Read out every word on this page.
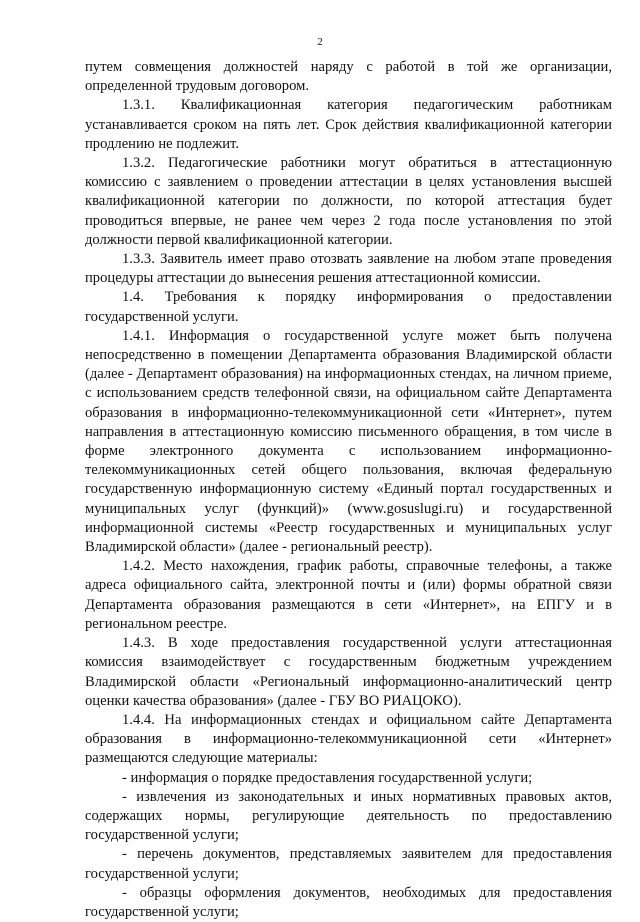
2

путем совмещения должностей наряду с работой в той же организации, определенной трудовым договором.

1.3.1. Квалификационная категория педагогическим работникам устанавливается сроком на пять лет. Срок действия квалификационной категории продлению не подлежит.

1.3.2. Педагогические работники могут обратиться в аттестационную комиссию с заявлением о проведении аттестации в целях установления высшей квалификационной категории по должности, по которой аттестация будет проводиться впервые, не ранее чем через 2 года после установления по этой должности первой квалификационной категории.

1.3.3. Заявитель имеет право отозвать заявление на любом этапе проведения процедуры аттестации до вынесения решения аттестационной комиссии.

1.4. Требования к порядку информирования о предоставлении государственной услуги.

1.4.1. Информация о государственной услуге может быть получена непосредственно в помещении Департамента образования Владимирской области (далее - Департамент образования) на информационных стендах, на личном приеме, с использованием средств телефонной связи, на официальном сайте Департамента образования в информационно-телекоммуникационной сети «Интернет», путем направления в аттестационную комиссию письменного обращения, в том числе в форме электронного документа с использованием информационно-телекоммуникационных сетей общего пользования, включая федеральную государственную информационную систему «Единый портал государственных и муниципальных услуг (функций)» (www.gosuslugi.ru) и государственной информационной системы «Реестр государственных и муниципальных услуг Владимирской области» (далее - региональный реестр).

1.4.2. Место нахождения, график работы, справочные телефоны, а также адреса официального сайта, электронной почты и (или) формы обратной связи Департамента образования размещаются в сети «Интернет», на ЕПГУ и в региональном реестре.

1.4.3. В ходе предоставления государственной услуги аттестационная комиссия взаимодействует с государственным бюджетным учреждением Владимирской области «Региональный информационно-аналитический центр оценки качества образования» (далее - ГБУ ВО РИАЦОКО).

1.4.4. На информационных стендах и официальном сайте Департамента образования в информационно-телекоммуникационной сети «Интернет» размещаются следующие материалы:

- информация о порядке предоставления государственной услуги;

- извлечения из законодательных и иных нормативных правовых актов, содержащих нормы, регулирующие деятельность по предоставлению государственной услуги;

- перечень документов, представляемых заявителем для предоставления государственной услуги;

- образцы оформления документов, необходимых для предоставления государственной услуги;
